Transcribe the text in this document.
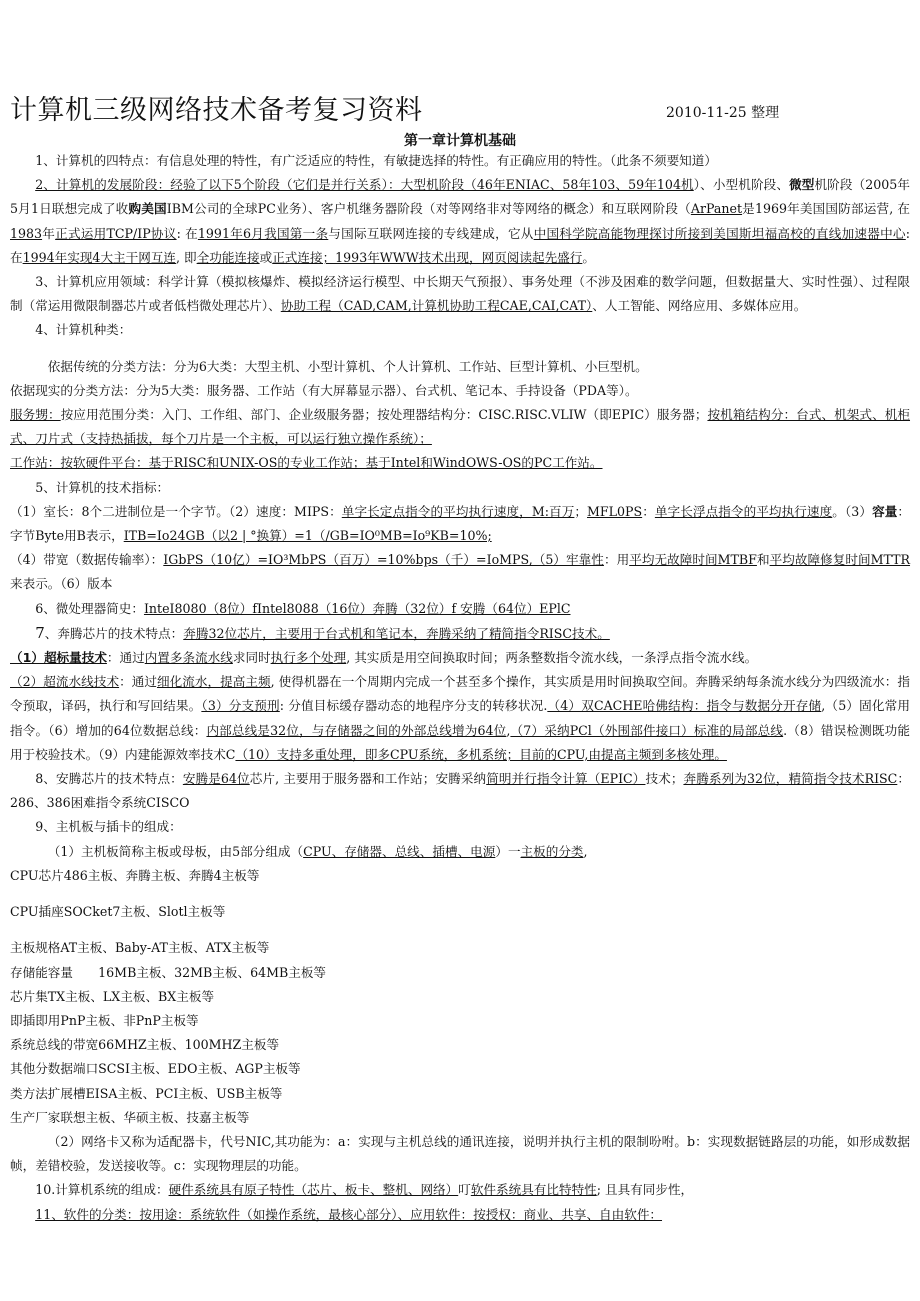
计算机三级网络技术备考复习资料	2010-11-25 整理
第一章计算机基础

1、计算机的四特点：有信息处理的特性，有广泛适应的特性，有敏捷选择的特性。有正确应用的特性。（此条不须要知道）

2、计算机的发展阶段：经验了以下5个阶段（它们是并行关系）：大型机阶段（46年ENIAC、58年103、59年104机）、小型机阶段、微型机阶段（2005年5月1日联想完成了收购美国IBM公司的全球PC业务）、客户机继务器阶段（对等网络非对等网络的概念）和互联网阶段（ArPanet是1969年美国国防部运营, 在1983年正式运用TCP/IP协议: 在1991年6月我国第一条与国际互联网连接的专线建成，它从中国科学院高能物理探讨所接到美国斯坦福高校的直线加速器中心: 在1994年实现4大主干网互连, 即全功能连接或正式连接；1993年WWW技术出现，网页阅读起先盛行。

3、计算机应用领域：科学计算（模拟核爆炸、模拟经济运行模型、中长期天气预报）、事务处理（不涉及困难的数学问题，但数据量大、实时性强）、过程限制（常运用微限制器芯片或者低档微处理芯片）、协助工程（CAD,CAM,计算机协助工程CAE,CAI,CAT）、人工智能、网络应用、多媒体应用。

4、计算机种类：

依据传统的分类方法：分为6大类：大型主机、小型计算机、个人计算机、工作站、巨型计算机、小巨型机。

依据现实的分类方法：分为5大类：服务器、工作站（有大屏幕显示器）、台式机、笔记本、手持设备（PDA等）。

服务甥：按应用范围分类：入门、工作组、部门、企业级服务器；按处理器结构分：CISC.RISC.VLIW（即EPIC）服务器；按机箱结构分：台式、机架式、机柜式、刀片式（支持热插拔，每个刀片是一个主板，可以运行独立操作系统）；

工作站：按软硬件平台：基于RISC和UNIX-OS的专业工作站；基于Intel和WindOWS-OS的PC工作站。

5、计算机的技术指标：

（1）室长：8个二进制位是一个字节。（2）速度：MIPS：单字长定点指令的平均执行速度，M:百万；MFL0PS：单字长浮点指令的平均执行速度。（3）容量：字节Byte用B表示，ITB=Io24GB（以2 | °换算）=1（/GB=IO⁰MB=Io⁹KB=10%;
（4）带宽（数据传输率）：IGbPS（10亿）=IO³MbPS（百万）=10%bps（千）=IoMPS,（5）牢靠性：用平均无故障时间MTBF和平均故障修复时间MTTR来表示。（6）版本

6、微处理器简史：InteI8080（8位）fIntel8088（16位）奔腾（32位）f 安腾（64位）EPlC

7、奔腾芯片的技术特点：奔腾32位芯片，主要用于台式机和笔记本，奔腾采纳了精简指令RISC技术。
（1）超标量技术：通过内置多条流水线求同时执行多个处理, 其实质是用空间换取时间；两条整数指令流水线，一条浮点指令流水线。
（2）超流水线技术：通过细化流水，提高主频, 使得机器在一个周期内完成一个甚至多个操作，其实质是用时间换取空间。奔腾采纳每条流水线分为四级流水：指令预取，译码，执行和写回结果。（3）分支预刑: 分值目标缓存器动态的地程序分支的转移状况.（4）双CACHE哈佛结构：指令与数据分开存储,（5）固化常用指令。（6）增加的64位数据总线：内部总线是32位，与存储器之间的外部总线增为64位,（7）采纳PCl（外围部件接口）标准的局部总线.（8）错误检测既功能用于校验技术。（9）内建能源效率技术C（10）支持多重处理，即多CPU系统，多机系统；目前的CPU,由提高主频到多核处理。

8、安腾芯片的技术特点：安腾是64位芯片, 主要用于服务器和工作站；安腾采纳简明并行指令计算（EPIC）技术；奔腾系列为32位，精简指令技术RISC：286、386困难指令系统CISCO

9、主机板与插卡的组成：

（1）主机板简称主板或母板，由5部分组成（CPU、存储器、总线、插槽、电源）一主板的分类,

CPU芯片486主板、奔腾主板、奔腾4主板等

CPU插座SOCket7主板、Slotl主板等

主板规格AT主板、Baby-AT主板、ATX主板等

存储能容量　　16MB主板、32MB主板、64MB主板等

芯片集TX主板、LX主板、BX主板等

即插即用PnP主板、非PnP主板等

系统总线的带宽66MHZ主板、100MHZ主板等

其他分数据端口SCSI主板、EDO主板、AGP主板等

类方法扩展槽EISA主板、PCI主板、USB主板等

生产厂家联想主板、华硕主板、技嘉主板等

（2）网络卡又称为适配器卡，代号NIC,其功能为：a：实现与主机总线的通讯连接，说明并执行主机的限制吩咐。b：实现数据链路层的功能，如形成数据帧，差错校验，发送接收等。c：实现物理层的功能。

10.计算机系统的组成：硬件系统具有原子特性（芯片、板卡、整机、网络）叮软件系统具有比特特性; 且具有同步性，

11、软件的分类：按用途：系统软件（如操作系统，最核心部分）、应用软件：按授权：商业、共享、自由软件：
